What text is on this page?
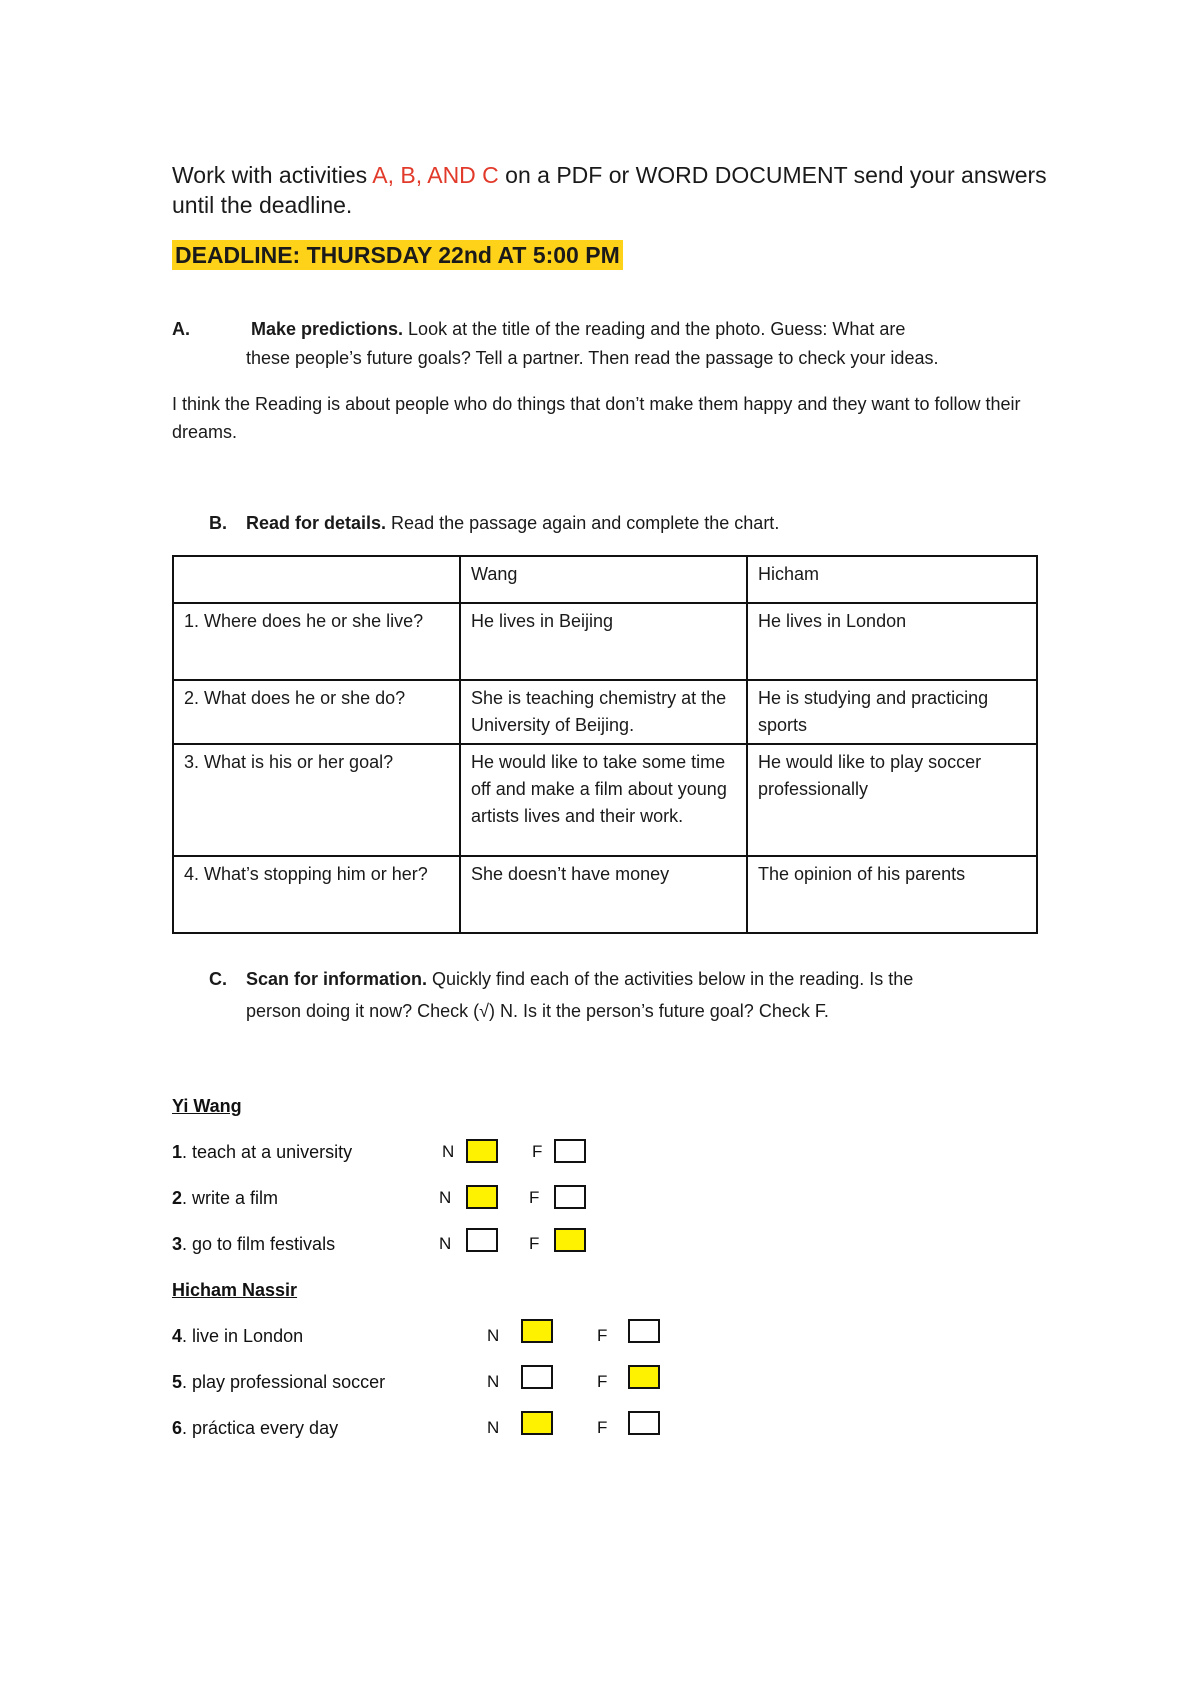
Work with activities A, B, AND C on a PDF or WORD DOCUMENT send your answers until the deadline.
DEADLINE: THURSDAY 22nd AT 5:00 PM
A.	Make predictions. Look at the title of the reading and the photo. Guess: What are
these people’s future goals? Tell a partner. Then read the passage to check your ideas.
I think the Reading is about people who do things that don’t make them happy and they want to follow their dreams.
B. Read for details. Read the passage again and complete the chart.
	Wang	Hicham
1. Where does he or she live?	He lives in Beijing	He lives in London
2. What does he or she do?	She is teaching chemistry at the University of Beijing.	He is studying and practicing sports
3. What is his or her goal?	He would like to take some time off and make a film about young artists lives and their work.	He would like to play soccer professionally
4. What’s stopping him or her?	She doesn’t have money	The opinion of his parents
C. Scan for information. Quickly find each of the activities below in the reading. Is the
person doing it now? Check (√) N. Is it the person’s future goal? Check F.
Yi Wang
1. teach at a university	N	F
2. write a film	N	F
3. go to film festivals	N	F
Hicham Nassir
4. live in London	N	F
5. play professional soccer	N	F
6. práctica every day	N	F
